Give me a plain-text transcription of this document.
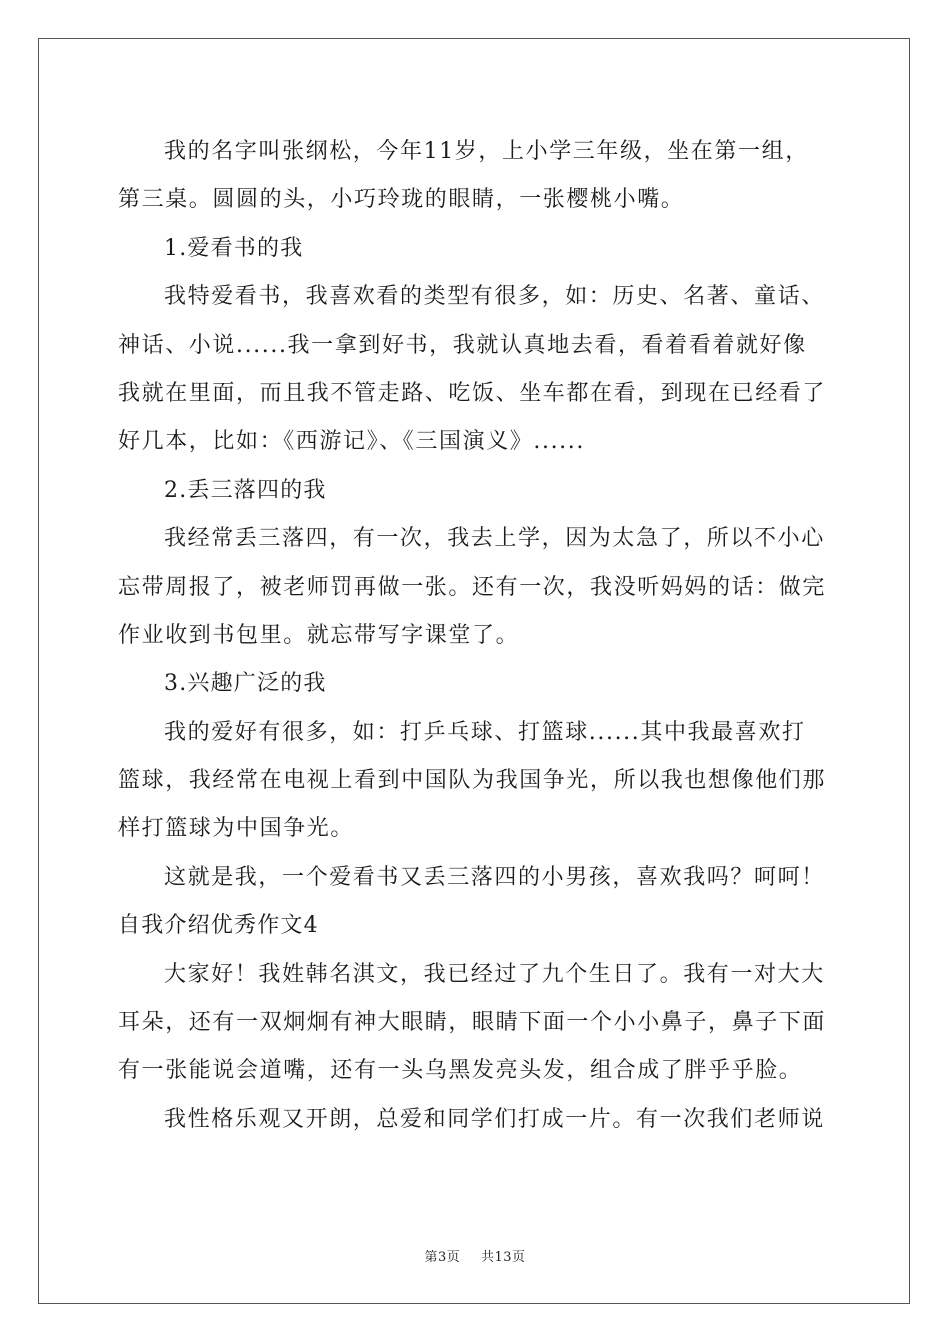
我的名字叫张纲松，今年11岁，上小学三年级，坐在第一组，
第三桌。圆圆的头，小巧玲珑的眼睛，一张樱桃小嘴。
1.爱看书的我
我特爱看书，我喜欢看的类型有很多，如：历史、名著、童话、
神话、小说......我一拿到好书，我就认真地去看，看着看着就好像
我就在里面，而且我不管走路、吃饭、坐车都在看，到现在已经看了
好几本，比如：《西游记》、《三国演义》......
2.丢三落四的我
我经常丢三落四，有一次，我去上学，因为太急了，所以不小心
忘带周报了，被老师罚再做一张。还有一次，我没听妈妈的话：做完
作业收到书包里。就忘带写字课堂了。
3.兴趣广泛的我
我的爱好有很多，如：打乒乓球、打篮球......其中我最喜欢打
篮球，我经常在电视上看到中国队为我国争光，所以我也想像他们那
样打篮球为中国争光。
这就是我，一个爱看书又丢三落四的小男孩，喜欢我吗？呵呵！
自我介绍优秀作文4
大家好！我姓韩名淇文，我已经过了九个生日了。我有一对大大
耳朵，还有一双炯炯有神大眼睛，眼睛下面一个小小鼻子，鼻子下面
有一张能说会道嘴，还有一头乌黑发亮头发，组合成了胖乎乎脸。
我性格乐观又开朗，总爱和同学们打成一片。有一次我们老师说
第3页 共13页
